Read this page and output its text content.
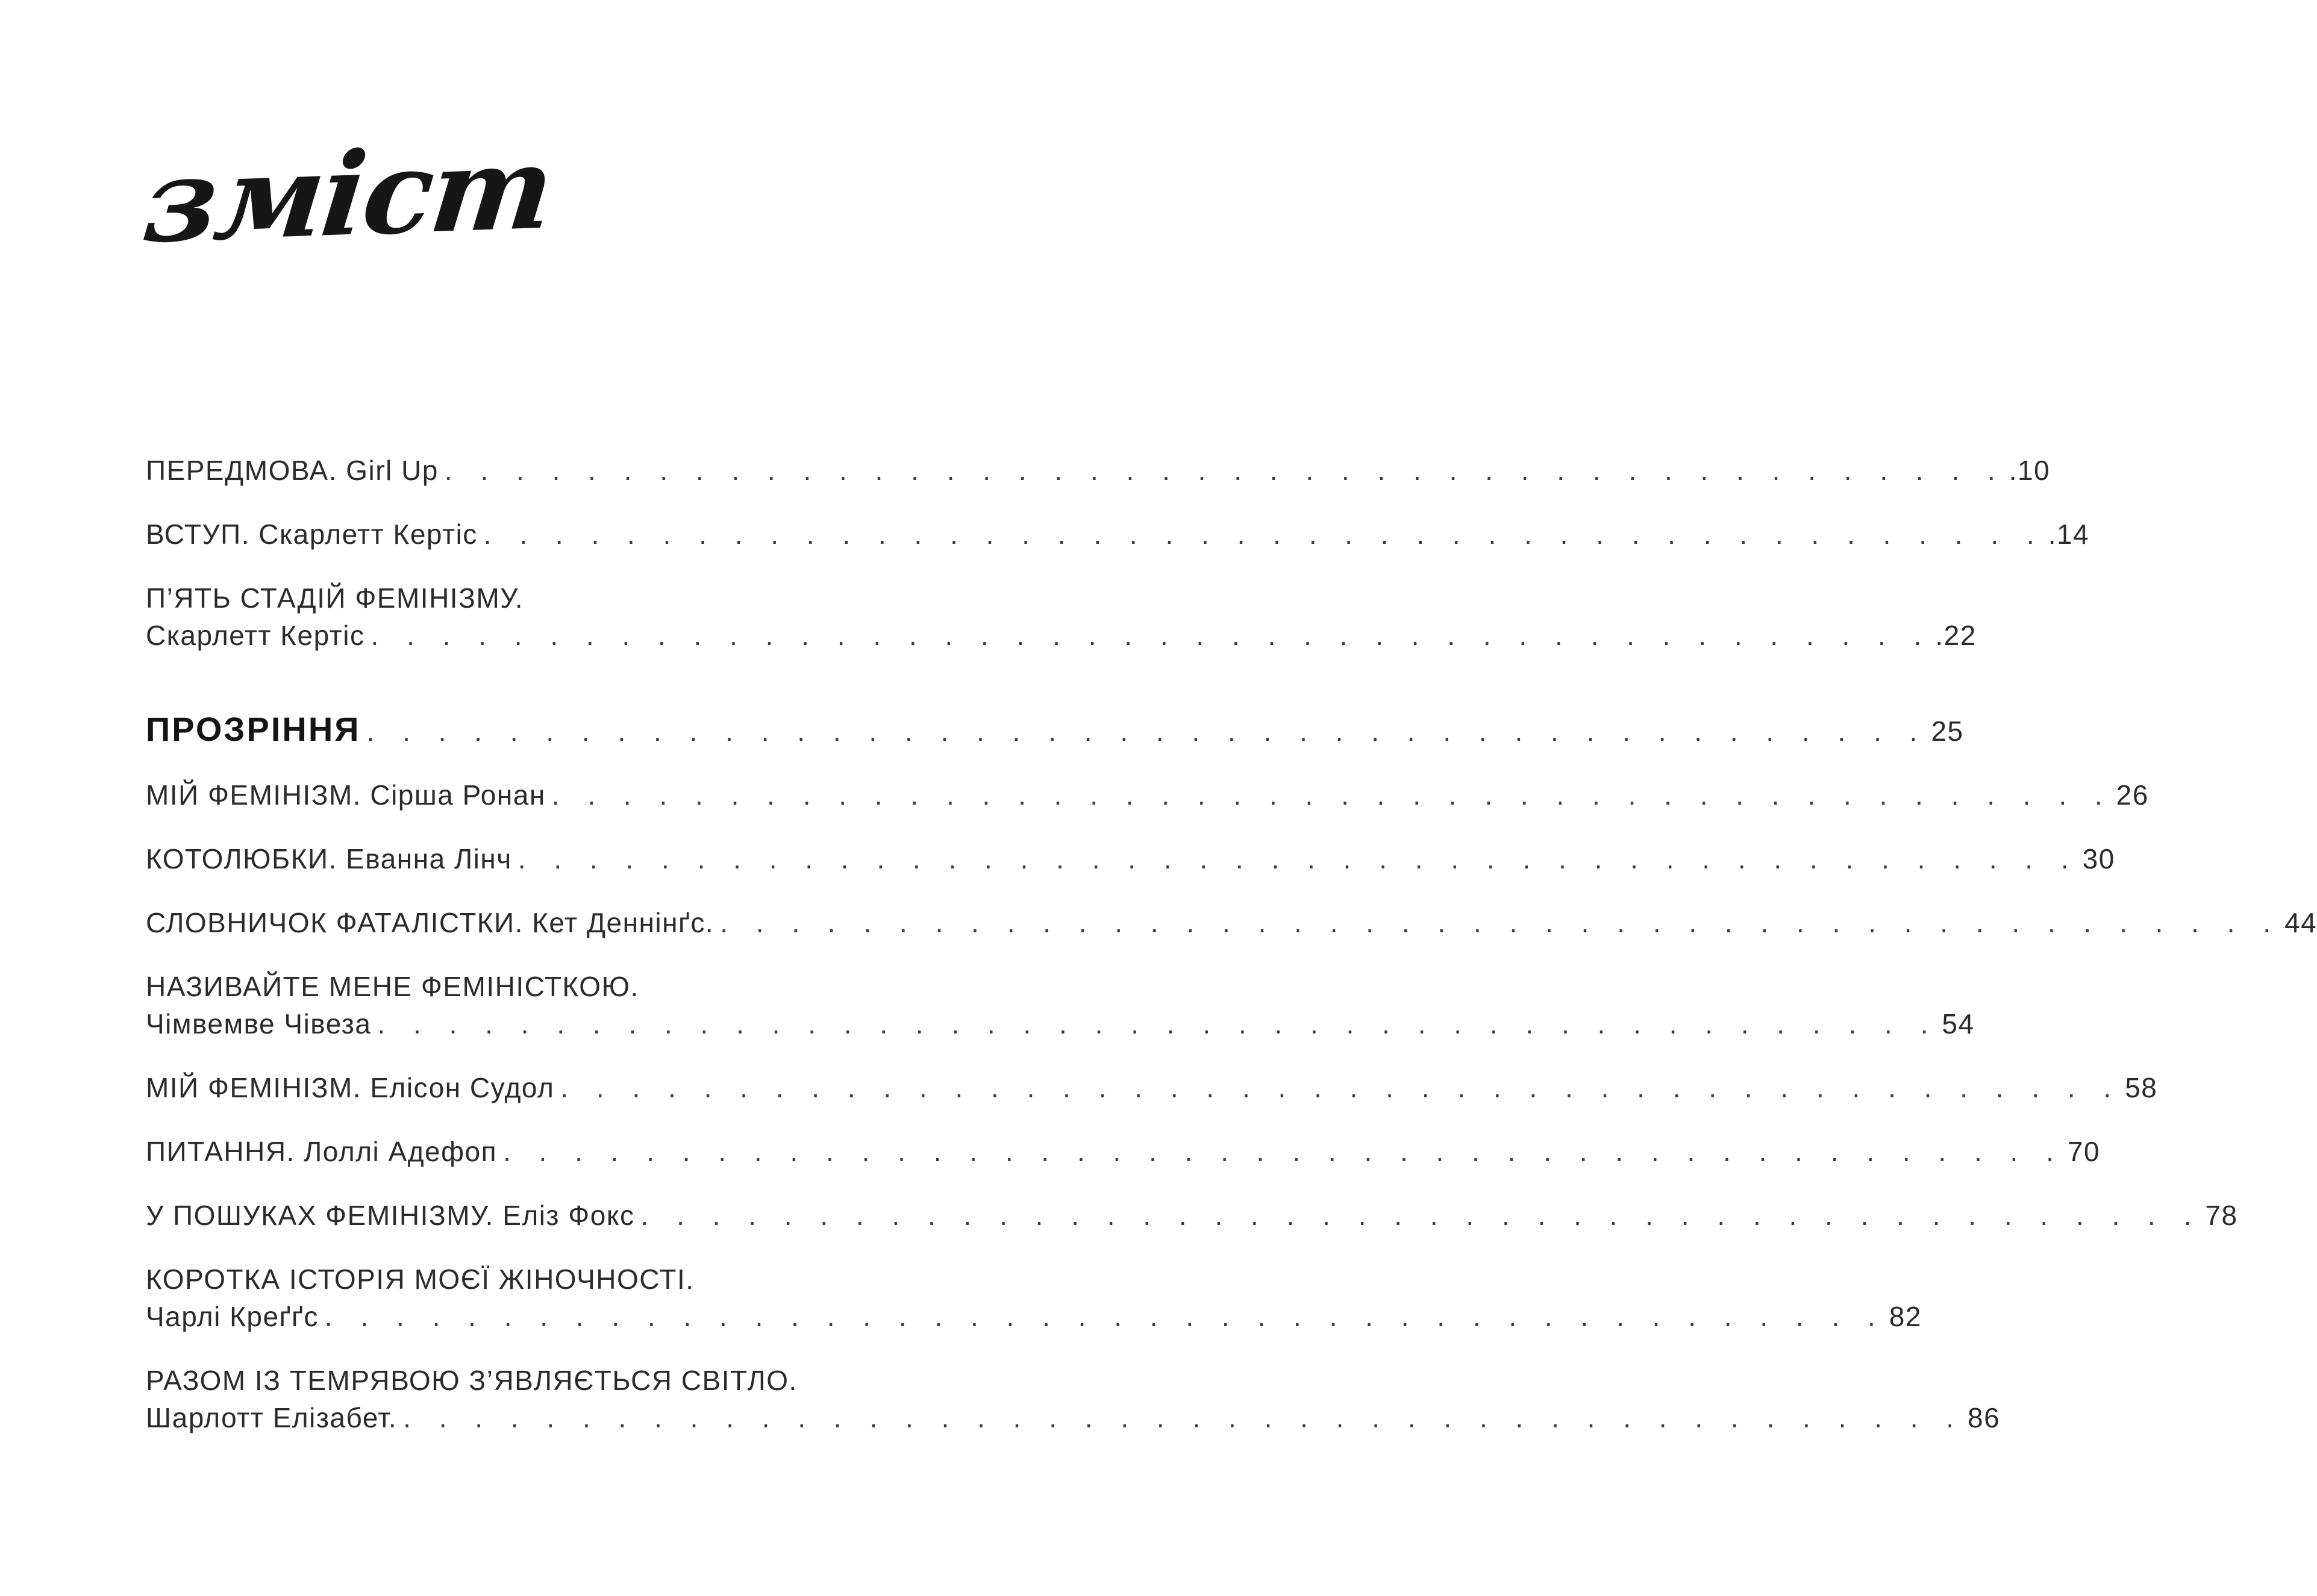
зміст
ПЕРЕДМОВА. Girl Up . . . . . . . . . . . . . . . . . . . . . . . . . . . . . . . . . . . . . . . . . . . . .10
ВСТУП. Скарлетт Кертіс . . . . . . . . . . . . . . . . . . . . . . . . . . . . . . . . . . . . . . . . . . . . .14
П’ЯТЬ СТАДІЙ ФЕМІНІЗМУ.
Скарлетт Кертіс . . . . . . . . . . . . . . . . . . . . . . . . . . . . . . . . . . . . . . . . . . . . .22
ПРОЗРІННЯ . . . . . . . . . . . . . . . . . . . . . . . . . . . . . . . . . . . . . . . . . . . . 25
МІЙ ФЕМІНІЗМ. Сірша Ронан . . . . . . . . . . . . . . . . . . . . . . . . . . . . . . . . . . . . . . . . . . . . 26
КОТОЛЮБКИ. Еванна Лінч . . . . . . . . . . . . . . . . . . . . . . . . . . . . . . . . . . . . . . . . . . . . 30
СЛОВНИЧОК ФАТАЛІСТКИ. Кет Деннінґс. . . . . . . . . . . . . . . . . . . . . . . . . . . . . . . . . . . . . . . . . . . . . 44
НАЗИВАЙТЕ МЕНЕ ФЕМІНІСТКОЮ.
Чімвемве Чівеза . . . . . . . . . . . . . . . . . . . . . . . . . . . . . . . . . . . . . . . . . . . . 54
МІЙ ФЕМІНІЗМ. Елісон Судол . . . . . . . . . . . . . . . . . . . . . . . . . . . . . . . . . . . . . . . . . . . . 58
ПИТАННЯ. Лоллі Адефоп . . . . . . . . . . . . . . . . . . . . . . . . . . . . . . . . . . . . . . . . . . . . 70
У ПОШУКАХ ФЕМІНІЗМУ. Еліз Фокс . . . . . . . . . . . . . . . . . . . . . . . . . . . . . . . . . . . . . . . . . . . . 78
КОРОТКА ІСТОРІЯ МОЄЇ ЖІНОЧНОСТІ.
Чарлі Креґґс . . . . . . . . . . . . . . . . . . . . . . . . . . . . . . . . . . . . . . . . . . . . 82
РАЗОМ ІЗ ТЕМРЯВОЮ З’ЯВЛЯЄТЬСЯ СВІТЛО.
Шарлотт Елізабет. . . . . . . . . . . . . . . . . . . . . . . . . . . . . . . . . . . . . . . . . . . . . 86
